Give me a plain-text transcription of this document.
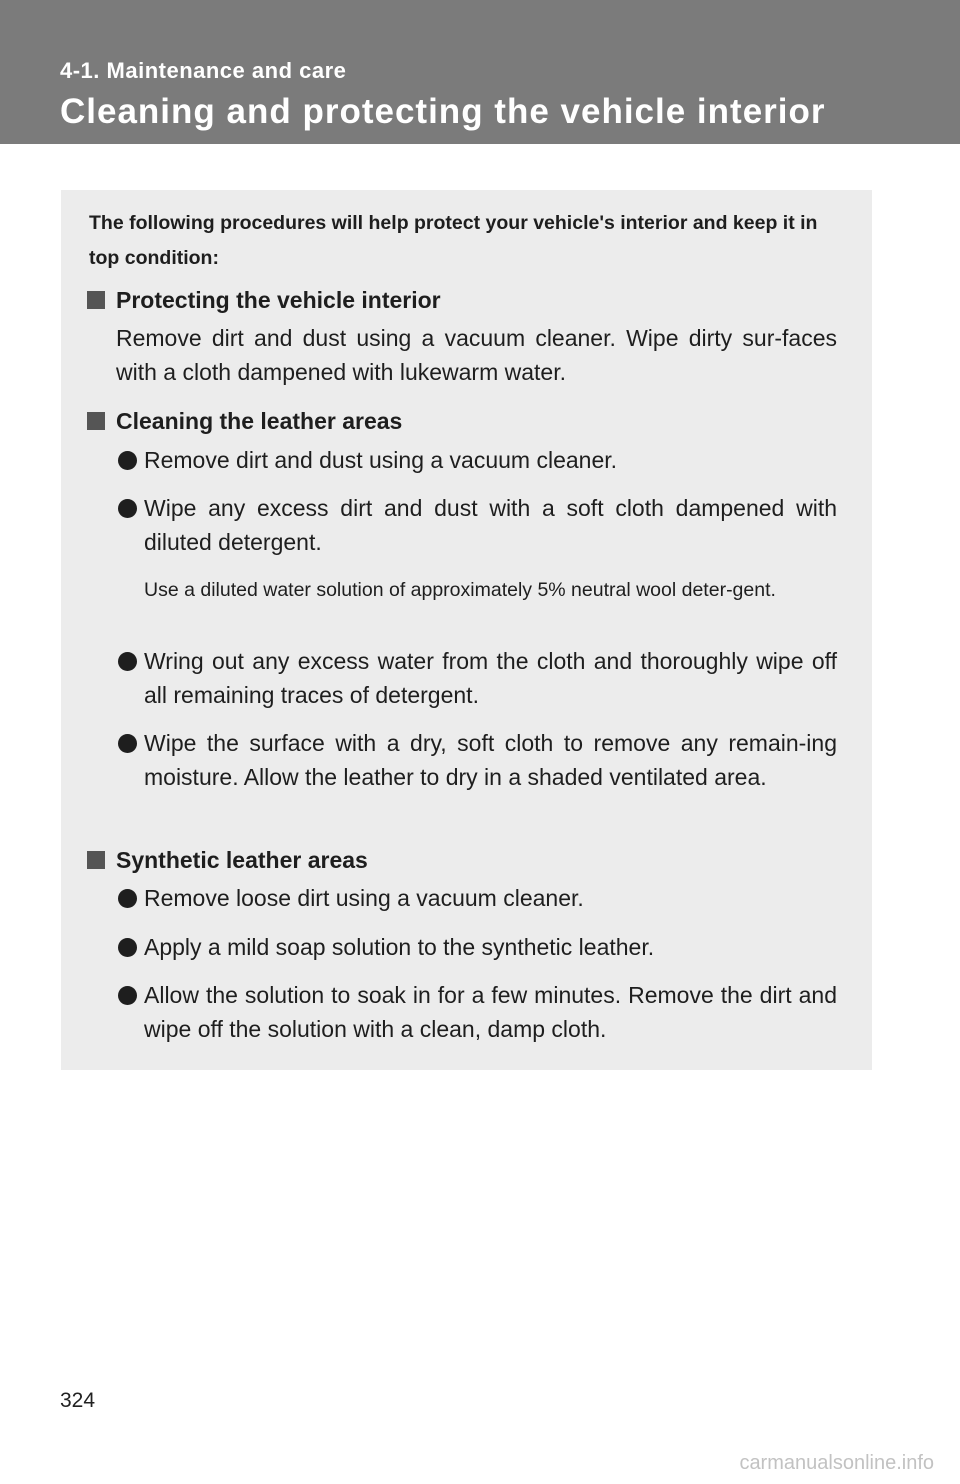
4-1. Maintenance and care
Cleaning and protecting the vehicle interior
The following procedures will help protect your vehicle's interior and keep it in top condition:
Protecting the vehicle interior
Remove dirt and dust using a vacuum cleaner. Wipe dirty sur-faces with a cloth dampened with lukewarm water.
Cleaning the leather areas
Remove dirt and dust using a vacuum cleaner.
Wipe any excess dirt and dust with a soft cloth dampened with diluted detergent.
Use a diluted water solution of approximately 5% neutral wool deter-gent.
Wring out any excess water from the cloth and thoroughly wipe off all remaining traces of detergent.
Wipe the surface with a dry, soft cloth to remove any remain-ing moisture. Allow the leather to dry in a shaded ventilated area.
Synthetic leather areas
Remove loose dirt using a vacuum cleaner.
Apply a mild soap solution to the synthetic leather.
Allow the solution to soak in for a few minutes. Remove the dirt and wipe off the solution with a clean, damp cloth.
324
carmanualsonline.info
